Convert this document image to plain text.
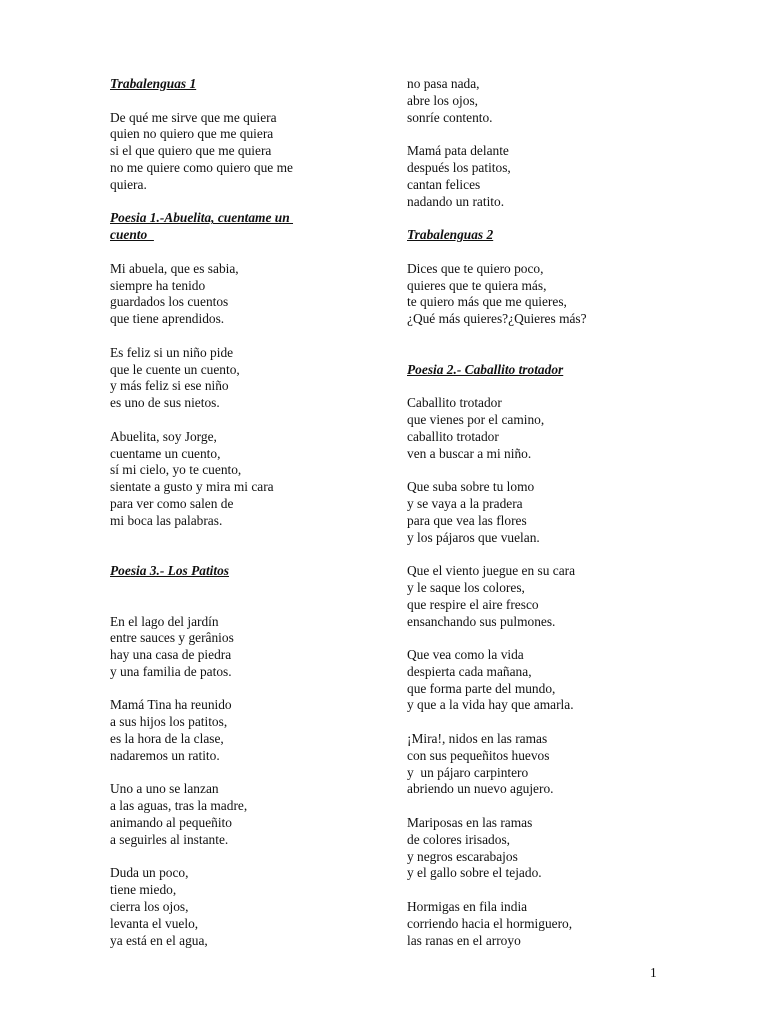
Trabalenguas 1
De qué me sirve que me quiera
quien no quiero que me quiera
si el que quiero que me quiera
no me quiere como quiero que me
quiera.
Poesia 1.-Abuelita, cuentame un
cuento
Mi abuela, que es sabia,
siempre ha tenido
guardados los cuentos
que tiene aprendidos.
Es feliz si un niño pide
que le cuente un cuento,
y más feliz si ese niño
es uno de sus nietos.
Abuelita, soy Jorge,
cuentame un cuento,
sí mi cielo, yo te cuento,
sientate a gusto y mira mi cara
para ver como salen de
mi boca las palabras.
Poesia 3.- Los Patitos
En el lago del jardín
entre sauces y gerânios
hay una casa de piedra
y una familia de patos.
Mamá Tina ha reunido
a sus hijos los patitos,
es la hora de la clase,
nadaremos un ratito.
Uno a uno se lanzan
a las aguas, tras la madre,
animando al pequeñito
a seguirles al instante.
Duda un poco,
tiene miedo,
cierra los ojos,
levanta el vuelo,
ya está en el agua,
no pasa nada,
abre los ojos,
sonríe contento.
Mamá pata delante
después los patitos,
cantan felices
nadando un ratito.
Trabalenguas 2
Dices que te quiero poco,
quieres que te quiera más,
te quiero más que me quieres,
¿Qué más quieres?¿Quieres más?
Poesia 2.- Caballito trotador
Caballito trotador
que vienes por el camino,
caballito trotador
ven a buscar a mi niño.
Que suba sobre tu lomo
y se vaya a la pradera
para que vea las flores
y los pájaros que vuelan.
Que el viento juegue en su cara
y le saque los colores,
que respire el aire fresco
ensanchando sus pulmones.
Que vea como la vida
despierta cada mañana,
que forma parte del mundo,
y que a la vida hay que amarla.
¡Mira!, nidos en las ramas
con sus pequeñitos huevos
y  un pájaro carpintero
abriendo un nuevo agujero.
Mariposas en las ramas
de colores irisados,
y negros escarabajos
y el gallo sobre el tejado.
Hormigas en fila india
corriendo hacia el hormiguero,
las ranas en el arroyo
1
